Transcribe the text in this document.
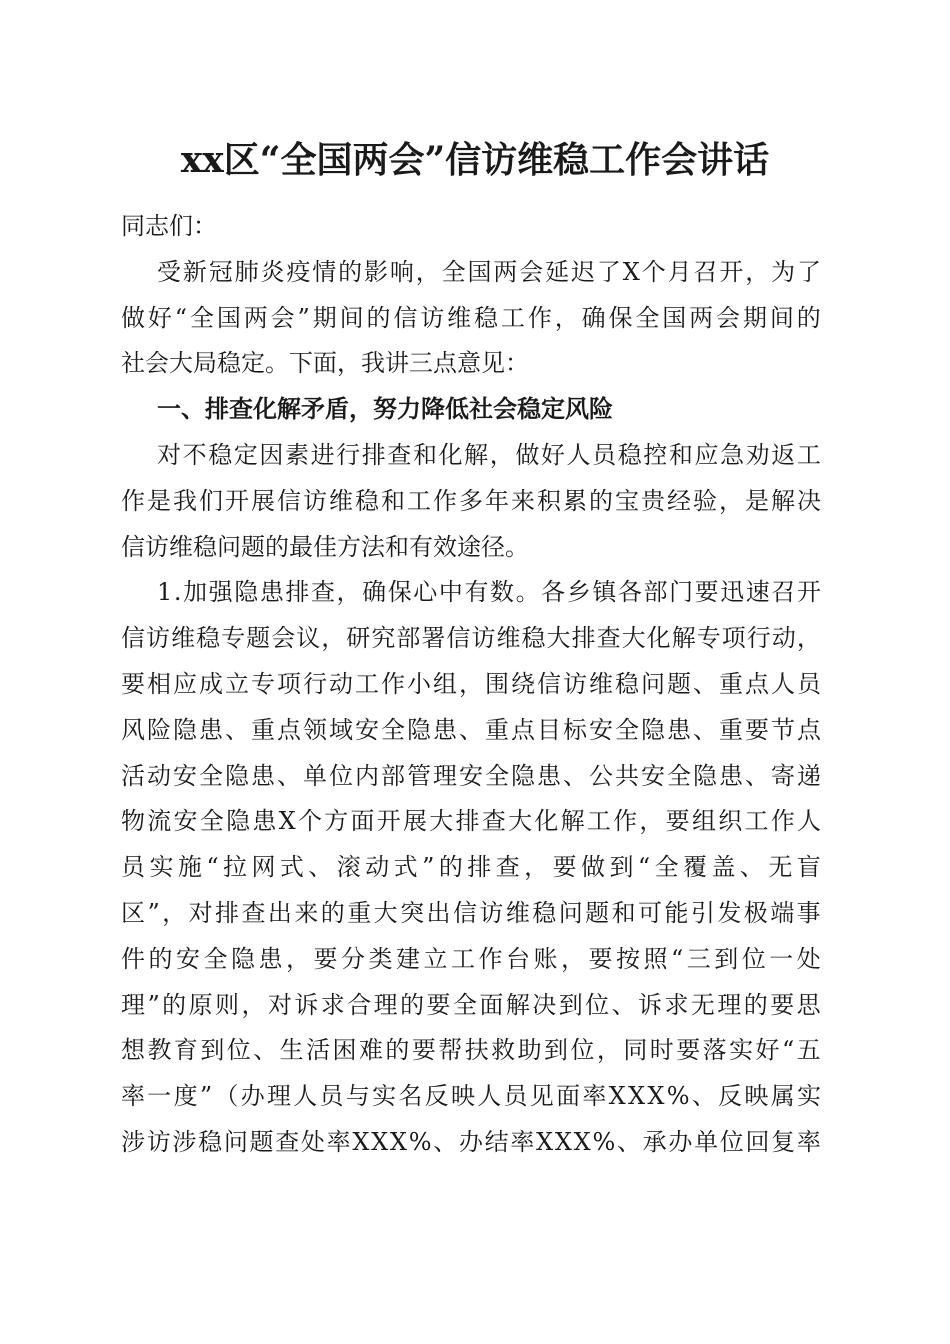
xx区“全国两会”信访维稳工作会讲话
同志们：
受 新 冠 肺 炎 疫 情 的 影 响 ， 全 国 两 会 延 迟 了 X 个 月 召 开 ， 为 了
做 好 “ 全 国 两 会 ” 期 间 的 信 访 维 稳 工 作 ， 确 保 全 国 两 会 期 间 的
社会大局稳定。下面，我讲三点意见：
一、排查化解矛盾，努力降低社会稳定风险
对 不 稳 定 因 素 进 行 排 查 和 化 解 ， 做 好 人 员 稳 控 和 应 急 劝 返 工
作 是 我 们 开 展 信 访 维 稳 和 工 作 多 年 来 积 累 的 宝 贵 经 验 ， 是 解 决
信访维稳问题的最佳方法和有效途径。
1 . 加 强 隐 患 排 查 ， 确 保 心 中 有 数 。 各 乡 镇 各 部 门 要 迅 速 召 开
信 访 维 稳 专 题 会 议 ， 研 究 部 署 信 访 维 稳 大 排 查 大 化 解 专 项 行 动 ，
要 相 应 成 立 专 项 行 动 工 作 小 组 ， 围 绕 信 访 维 稳 问 题 、 重 点 人 员
风 险 隐 患 、 重 点 领 域 安 全 隐 患 、 重 点 目 标 安 全 隐 患 、 重 要 节 点
活 动 安 全 隐 患 、 单 位 内 部 管 理 安 全 隐 患 、 公 共 安 全 隐 患 、 寄 递
物 流 安 全 隐 患 X 个 方 面 开 展 大 排 查 大 化 解 工 作 ， 要 组 织 工 作 人
员 实 施 “ 拉 网 式 、 滚 动 式 ” 的 排 查 ， 要 做 到 “ 全 覆 盖 、 无 盲
区 ” ， 对 排 查 出 来 的 重 大 突 出 信 访 维 稳 问 题 和 可 能 引 发 极 端 事
件 的 安 全 隐 患 ， 要 分 类 建 立 工 作 台 账 ， 要 按 照 “ 三 到 位 一 处
理 ” 的 原 则 ， 对 诉 求 合 理 的 要 全 面 解 决 到 位 、 诉 求 无 理 的 要 思
想 教 育 到 位 、 生 活 困 难 的 要 帮 扶 救 助 到 位 ， 同 时 要 落 实 好 “ 五
率 一 度 ” （ 办 理 人 员 与 实 名 反 映 人 员 见 面 率 X X X % 、 反 映 属 实
涉 访 涉 稳 问 题 查 处 率 X X X % 、 办 结 率 X X X % 、 承 办 单 位 回 复 率
